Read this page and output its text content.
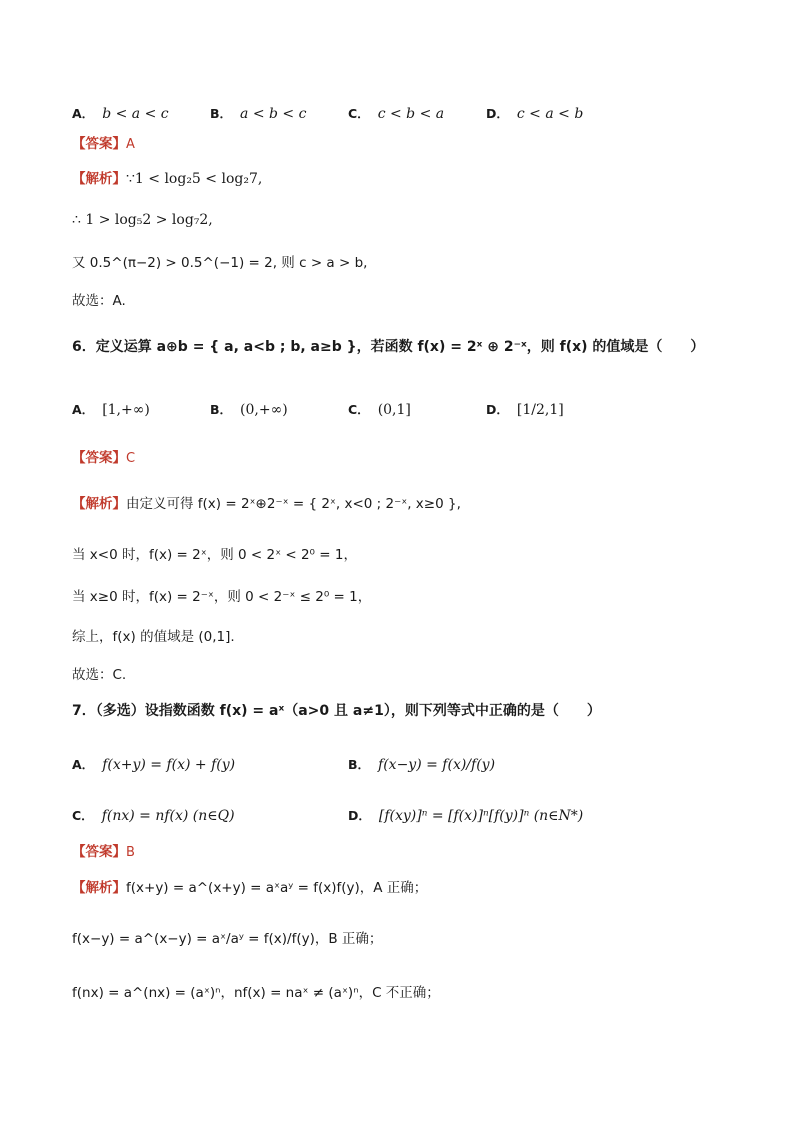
A． b < a < c	B． a < b < c	C． c < b < a	D． c < a < b
【答案】A
【解析】∵1 < log₂5 < log₂7,
∴ 1 > log₅2 > log₇2,
又 0.5^(π−2) > 0.5^(−1) = 2, 则 c > a > b,
故选：A.
6．定义运算 a⊕b = { a, a<b ; b, a≥b }，若函数 f(x) = 2ˣ ⊕ 2⁻ˣ，则 f(x) 的值域是（　　）
A． [1,+∞)	B． (0,+∞)	C． (0,1]	D． [1/2,1]
【答案】C
【解析】由定义可得 f(x) = 2ˣ⊕2⁻ˣ = { 2ˣ, x<0 ; 2⁻ˣ, x≥0 },
当 x<0 时，f(x) = 2ˣ，则 0 < 2ˣ < 2⁰ = 1，
当 x≥0 时，f(x) = 2⁻ˣ，则 0 < 2⁻ˣ ≤ 2⁰ = 1，
综上，f(x) 的值域是 (0,1].
故选：C.
7．（多选）设指数函数 f(x) = aˣ（a>0 且 a≠1），则下列等式中正确的是（　　）
A． f(x+y) = f(x) + f(y)	B． f(x−y) = f(x)/f(y)
C． f(nx) = nf(x) (n∈Q)	D． [f(xy)]ⁿ = [f(x)]ⁿ[f(y)]ⁿ (n∈N*)
【答案】B
【解析】f(x+y) = a^(x+y) = aˣaʸ = f(x)f(y)，A 正确；
f(x−y) = a^(x−y) = aˣ/aʸ = f(x)/f(y)，B 正确；
f(nx) = a^(nx) = (aˣ)ⁿ，nf(x) = naˣ ≠ (aˣ)ⁿ，C 不正确；
